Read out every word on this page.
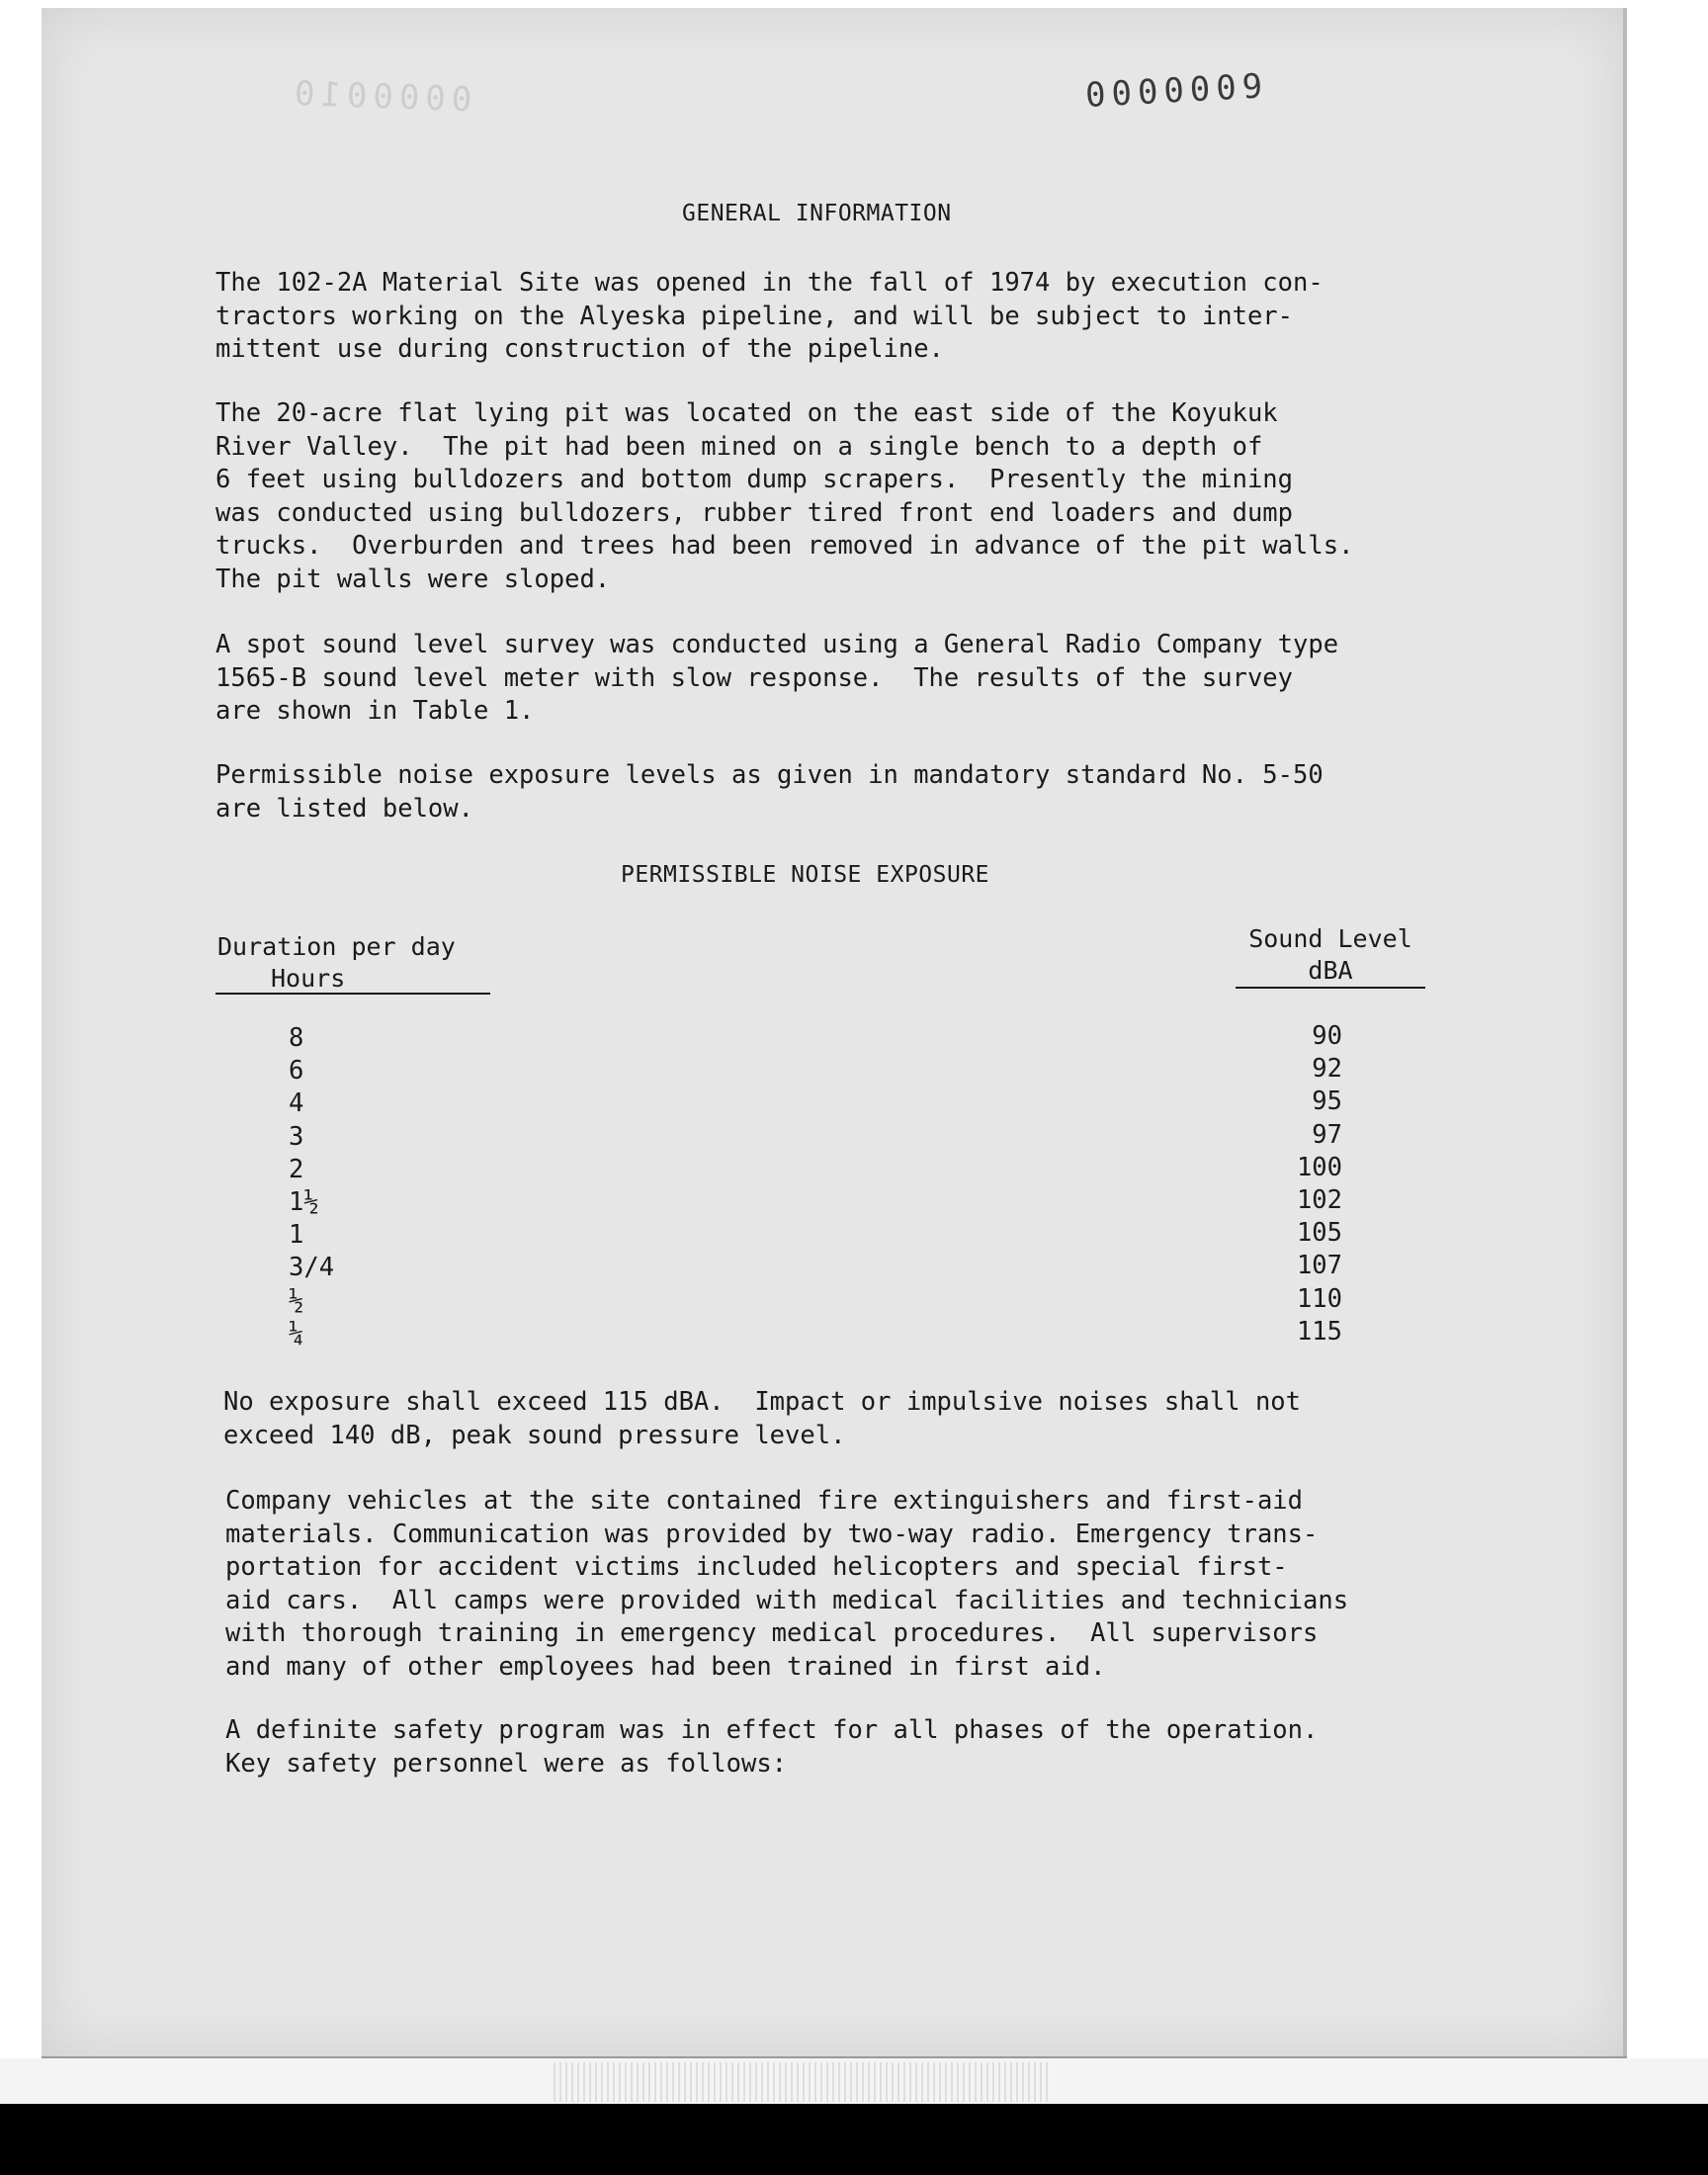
0000010	0000009
GENERAL INFORMATION
The 102-2A Material Site was opened in the fall of 1974 by execution con-
tractors working on the Alyeska pipeline, and will be subject to inter-
mittent use during construction of the pipeline.
The 20-acre flat lying pit was located on the east side of the Koyukuk
River Valley.  The pit had been mined on a single bench to a depth of
6 feet using bulldozers and bottom dump scrapers.  Presently the mining
was conducted using bulldozers, rubber tired front end loaders and dump
trucks.  Overburden and trees had been removed in advance of the pit walls.
The pit walls were sloped.
A spot sound level survey was conducted using a General Radio Company type
1565-B sound level meter with slow response.  The results of the survey
are shown in Table 1.
Permissible noise exposure levels as given in mandatory standard No. 5-50
are listed below.
PERMISSIBLE NOISE EXPOSURE
Duration per day
Hours
Sound Level
dBA
8
6
4
3
2
1½
1
3/4
½
¼
90
92
95
97
100
102
105
107
110
115
No exposure shall exceed 115 dBA.  Impact or impulsive noises shall not
exceed 140 dB, peak sound pressure level.
Company vehicles at the site contained fire extinguishers and first-aid
materials. Communication was provided by two-way radio. Emergency trans-
portation for accident victims included helicopters and special first-
aid cars.  All camps were provided with medical facilities and technicians
with thorough training in emergency medical procedures.  All supervisors
and many of other employees had been trained in first aid.
A definite safety program was in effect for all phases of the operation.
Key safety personnel were as follows:
